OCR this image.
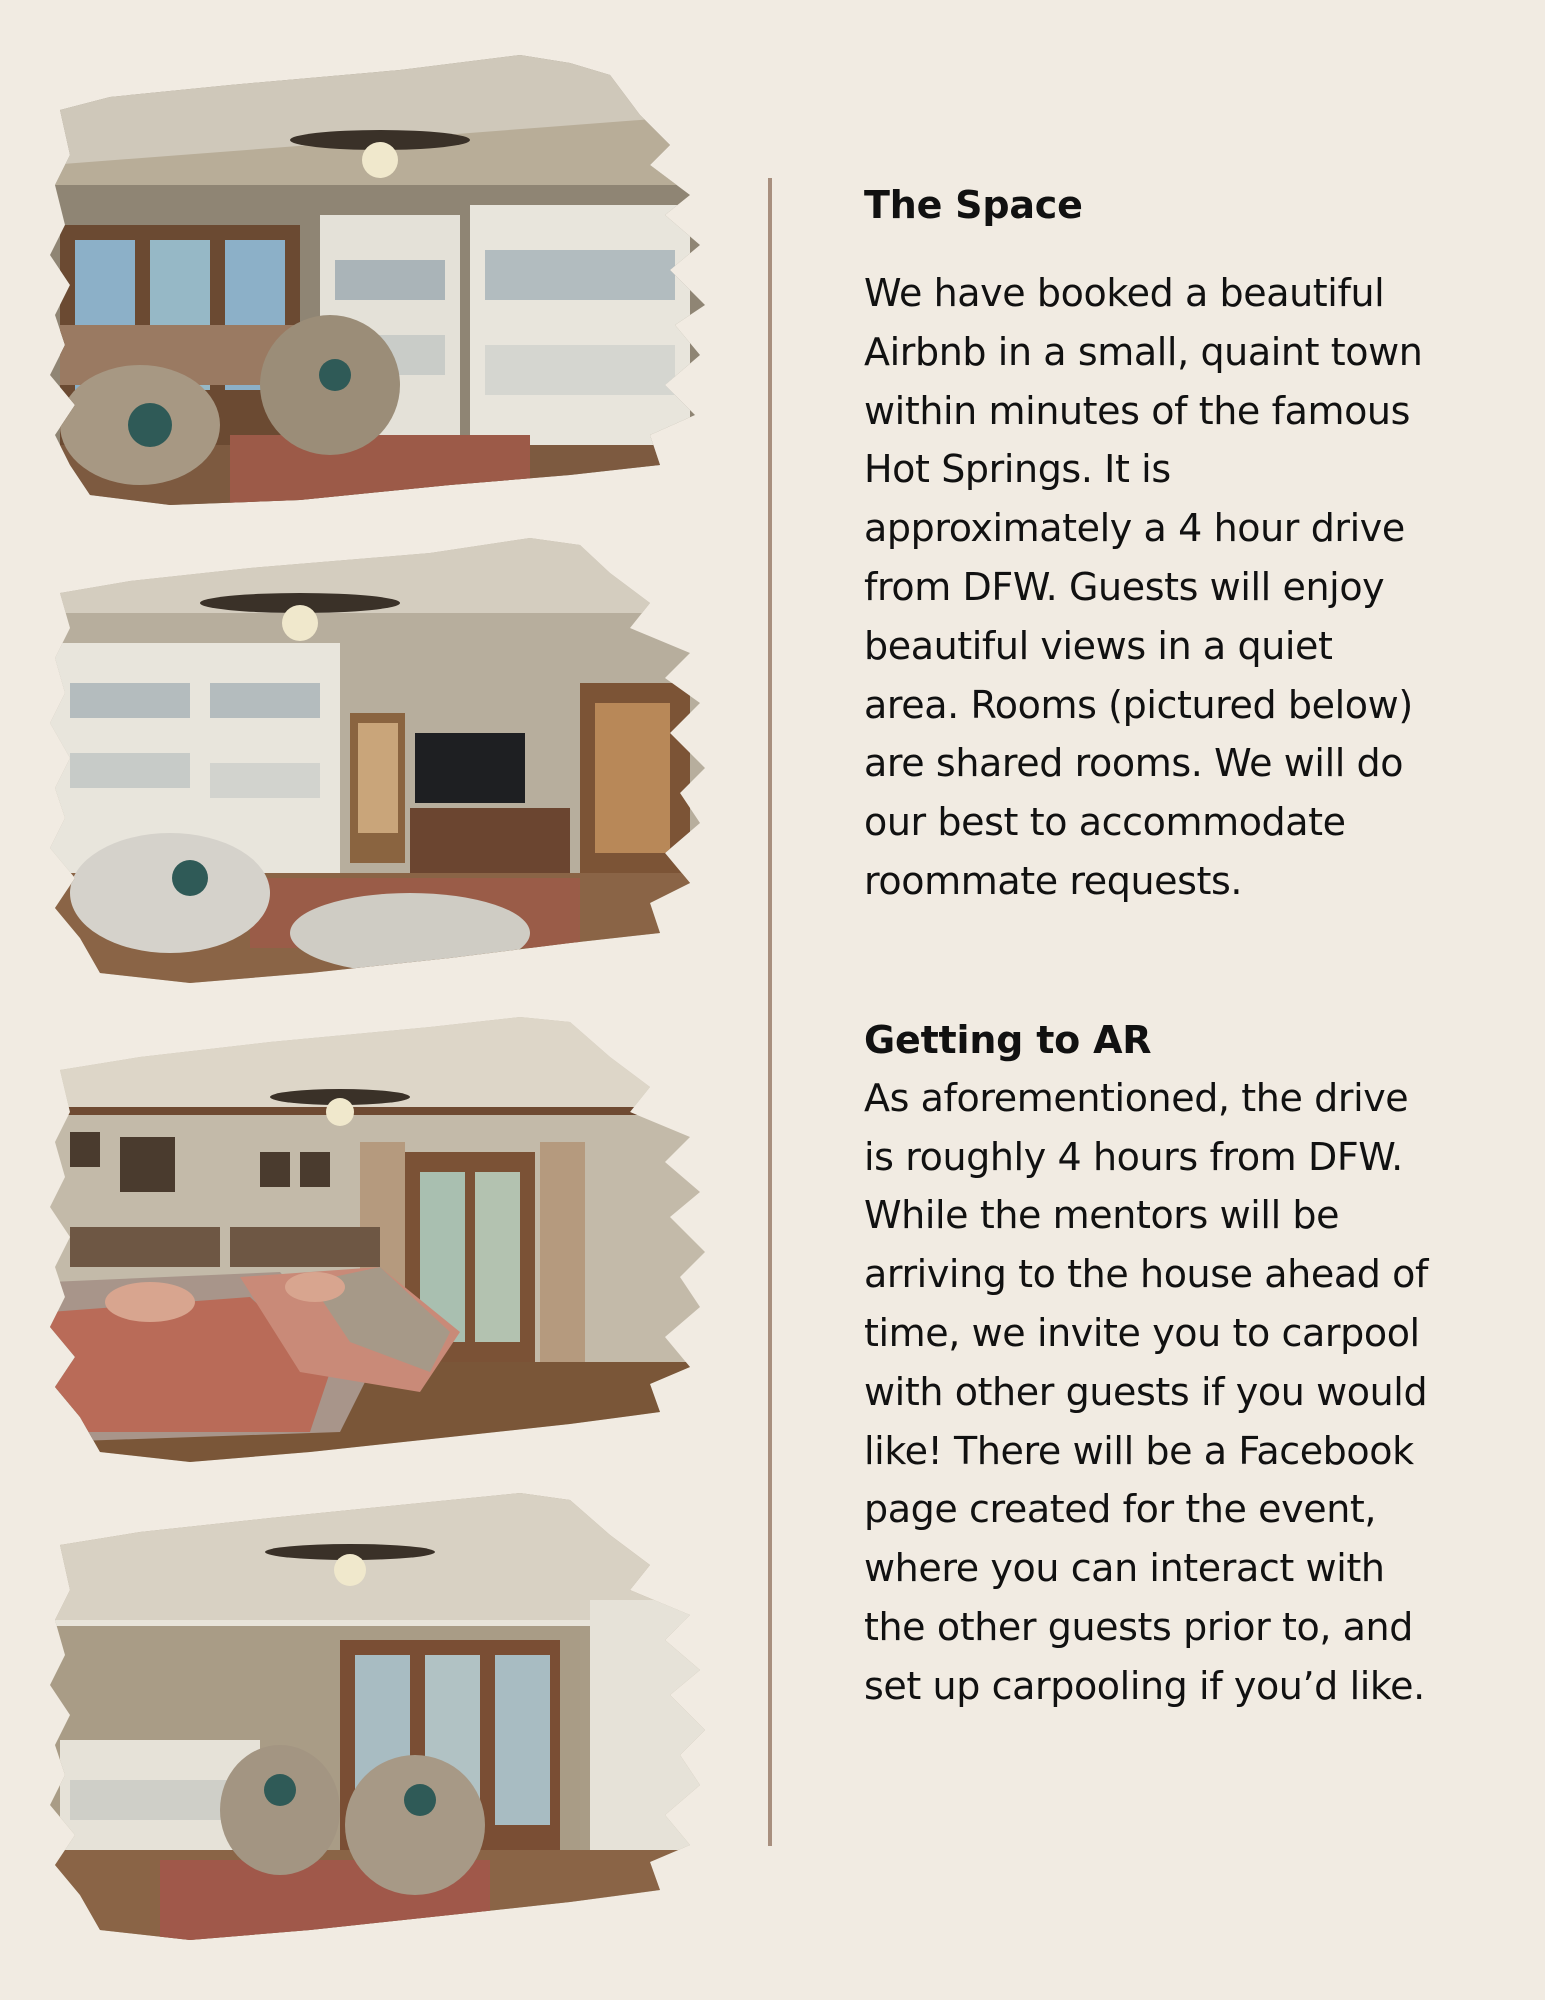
The Space

We have booked a beautiful

Airbnb in a small, quaint town

within minutes of the famous

Hot Springs. It is

approximately a 4 hour drive

from DFW. Guests will enjoy

beautiful views in a quiet

area. Rooms (pictured below)

are shared rooms. We will do

our best to accommodate

roommate requests.

Getting to AR

As aforementioned, the drive

is roughly 4 hours from DFW.

While the mentors will be

arriving to the house ahead of

time, we invite you to carpool

with other guests if you would

like! There will be a Facebook

page created for the event,

where you can interact with

the other guests prior to, and

set up carpooling if you’d like.
